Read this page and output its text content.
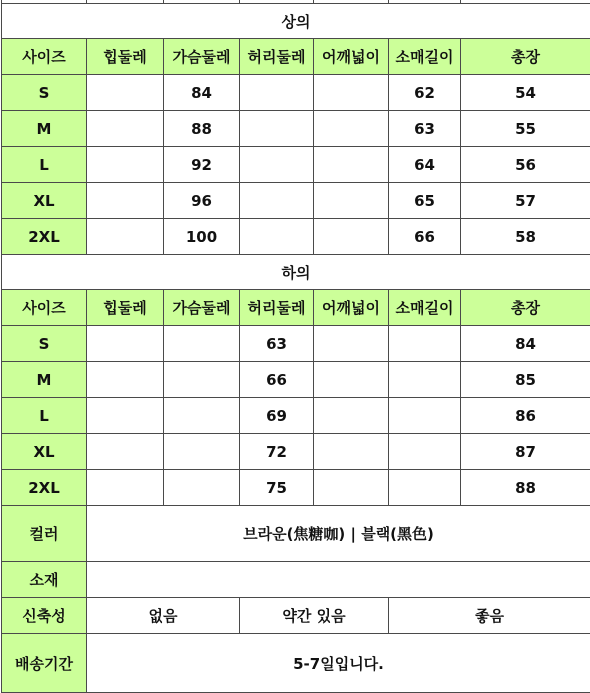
상의						
사이즈	힙둘레	가슴둘레	허리둘레	어깨넓이	소매길이	총장
S		84			62	54
M		88			63	55
L		92			64	56
XL		96			65	57
2XL		100			66	58
하의						
사이즈	힙둘레	가슴둘레	허리둘레	어깨넓이	소매길이	총장
S			63			84
M			66			85
L			69			86
XL			72			87
2XL			75			88
컬러	브라운(焦糖咖) | 블랙(黑色)					
소재						
신축성	없음		약간 있음		좋음	
배송기간	5-7일입니다.					
